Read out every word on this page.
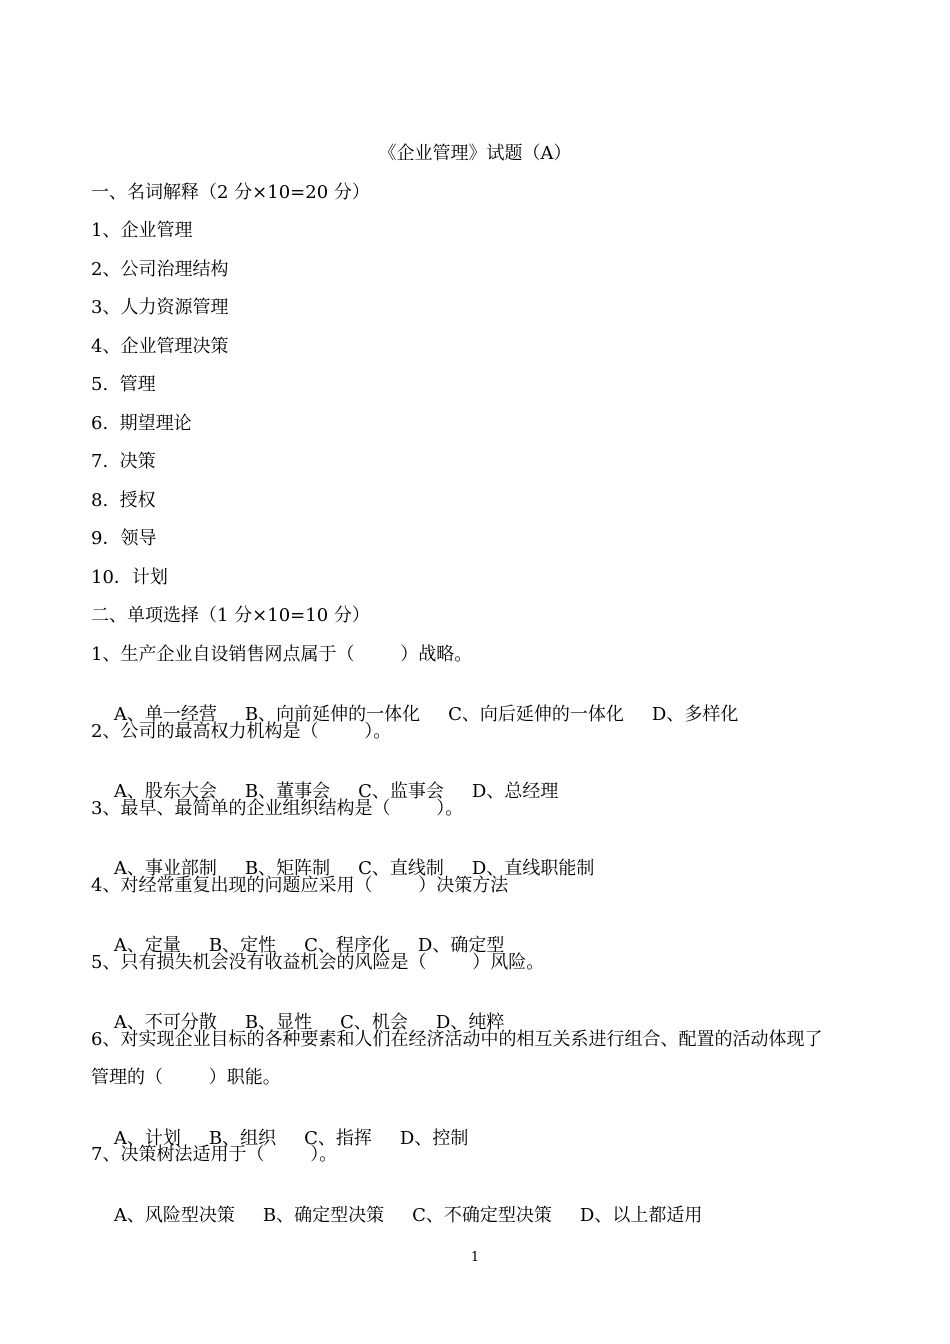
《企业管理》试题（A）
一、名词解释（2 分×10=20 分）
1、企业管理
2、公司治理结构
3、人力资源管理
4、企业管理决策
5.  管理
6.  期望理论
7.  决策
8.  授权
9．领导
10．计划
二、单项选择（1 分×10=10 分）
1、生产企业自设销售网点属于（        ）战略。

A、单一经营 B、向前延伸的一体化 C、向后延伸的一体化 D、多样化

2、公司的最高权力机构是（        ）。

A、股东大会 B、董事会 C、监事会 D、总经理

3、最早、最简单的企业组织结构是（        ）。

A、事业部制 B、矩阵制 C、直线制 D、直线职能制

4、对经常重复出现的问题应采用（        ）决策方法

A、定量 B、定性 C、程序化 D、确定型

5、只有损失机会没有收益机会的风险是（        ）风险。

A、不可分散 B、显性 C、机会 D、纯粹

6、对实现企业目标的各种要素和人们在经济活动中的相互关系进行组合、配置的活动体现了
管理的（        ）职能。

A、计划 B、组织 C、指挥 D、控制

7、决策树法适用于（        ）。

A、风险型决策 B、确定型决策 C、不确定型决策 D、以上都适用

1
